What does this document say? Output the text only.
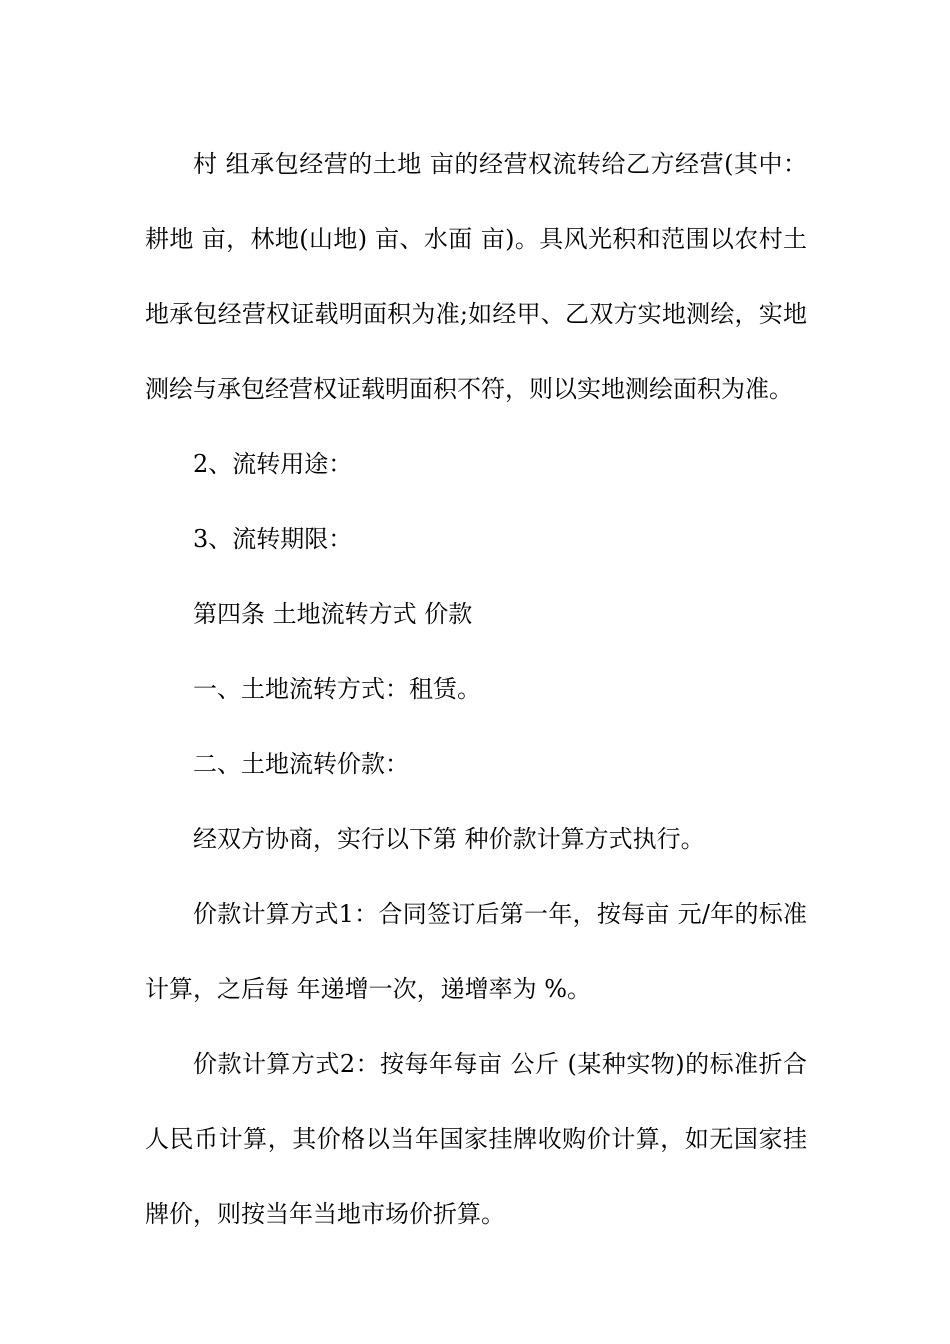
村 组承包经营的土地 亩的经营权流转给乙方经营(其中：耕地 亩，林地(山地) 亩、水面 亩)。具风光积和范围以农村土地承包经营权证载明面积为准;如经甲、乙双方实地测绘，实地测绘与承包经营权证载明面积不符，则以实地测绘面积为准。

2、流转用途：

3、流转期限：

第四条 土地流转方式 价款

一、土地流转方式：租赁。

二、土地流转价款：

经双方协商，实行以下第 种价款计算方式执行。

价款计算方式1：合同签订后第一年，按每亩 元/年的标准计算，之后每 年递增一次，递增率为 %。

价款计算方式2：按每年每亩 公斤 (某种实物)的标准折合人民币计算，其价格以当年国家挂牌收购价计算，如无国家挂牌价，则按当年当地市场价折算。
